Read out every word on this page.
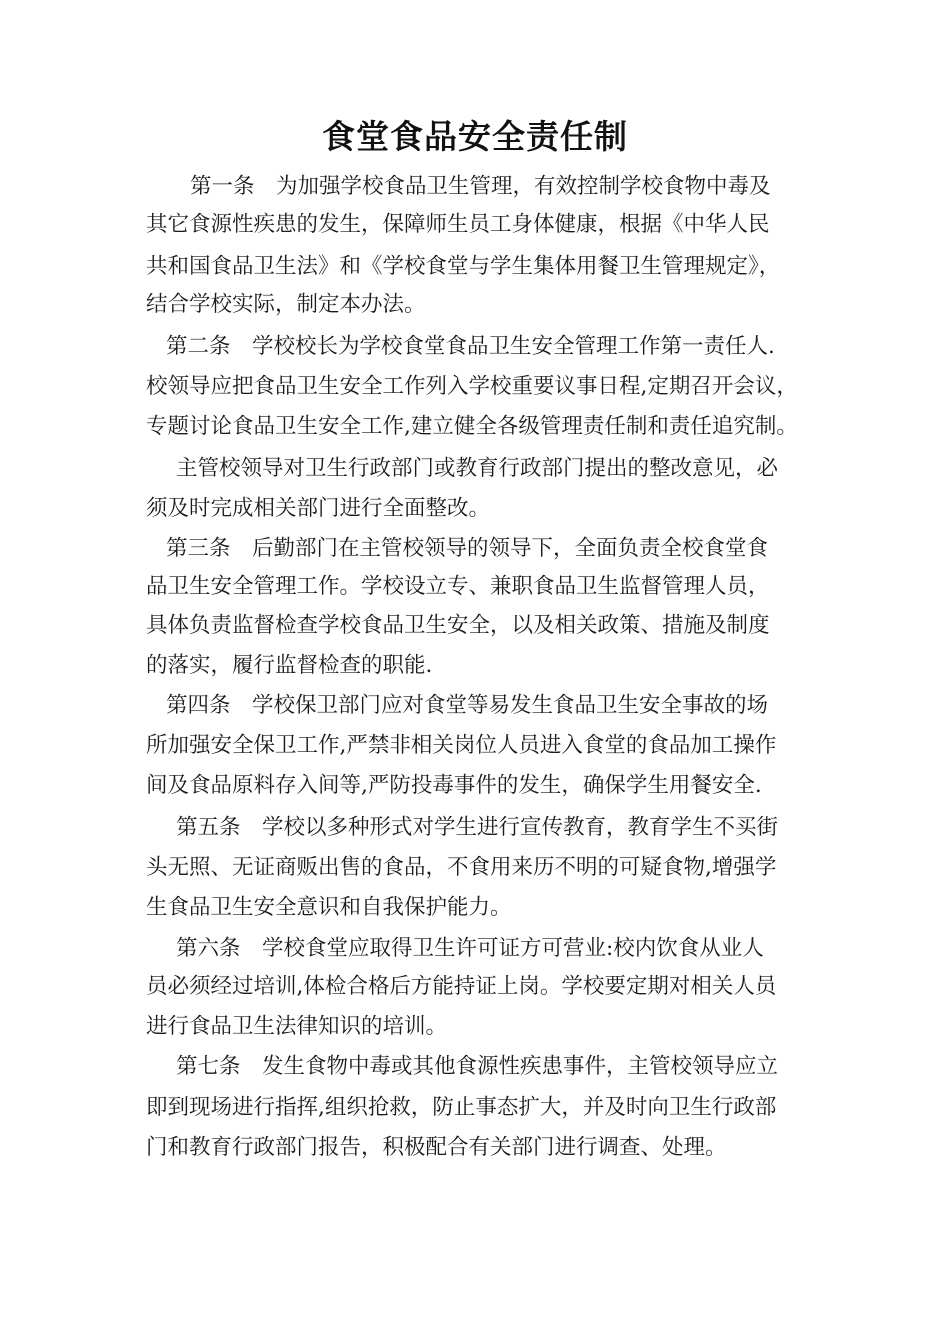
食堂食品安全责任制
第一条　为加强学校食品卫生管理，有效控制学校食物中毒及
其它食源性疾患的发生，保障师生员工身体健康，根据《中华人民
共和国食品卫生法》和《学校食堂与学生集体用餐卫生管理规定》，
结合学校实际，制定本办法。
第二条　学校校长为学校食堂食品卫生安全管理工作第一责任人.
校领导应把食品卫生安全工作列入学校重要议事日程,定期召开会议，
专题讨论食品卫生安全工作,建立健全各级管理责任制和责任追究制。
主管校领导对卫生行政部门或教育行政部门提出的整改意见，必
须及时完成相关部门进行全面整改。
第三条　后勤部门在主管校领导的领导下，全面负责全校食堂食
品卫生安全管理工作。学校设立专、兼职食品卫生监督管理人员，
具体负责监督检查学校食品卫生安全，以及相关政策、措施及制度
的落实，履行监督检查的职能.
第四条　学校保卫部门应对食堂等易发生食品卫生安全事故的场
所加强安全保卫工作,严禁非相关岗位人员进入食堂的食品加工操作
间及食品原料存入间等,严防投毒事件的发生，确保学生用餐安全.
第五条　学校以多种形式对学生进行宣传教育，教育学生不买街
头无照、无证商贩出售的食品，不食用来历不明的可疑食物,增强学
生食品卫生安全意识和自我保护能力。
第六条　学校食堂应取得卫生许可证方可营业:校内饮食从业人
员必须经过培训,体检合格后方能持证上岗。学校要定期对相关人员
进行食品卫生法律知识的培训。
第七条　发生食物中毒或其他食源性疾患事件，主管校领导应立
即到现场进行指挥,组织抢救，防止事态扩大，并及时向卫生行政部
门和教育行政部门报告，积极配合有关部门进行调查、处理。
